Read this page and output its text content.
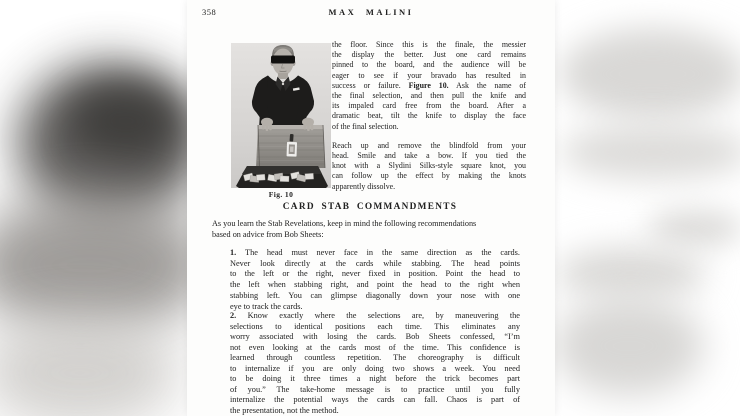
358	MAX MALINI
Fig. 10
the floor. Since this is the finale, the messier
the display the better. Just one card remains
pinned to the board, and the audience will be
eager to see if your bravado has resulted in
success or failure. Figure 10. Ask the name of
the final selection, and then pull the knife and
its impaled card free from the board. After a
dramatic beat, tilt the knife to display the face
of the final selection.
Reach up and remove the blindfold from your
head. Smile and take a bow. If you tied the
knot with a Slydini Silks-style square knot, you
can follow up the effect by making the knots
apparently dissolve.
CARD STAB COMMANDMENTS
As you learn the Stab Revelations, keep in mind the following recommendations
based on advice from Bob Sheets:
1. The head must never face in the same direction as the cards.
Never look directly at the cards while stabbing. The head points
to the left or the right, never fixed in position. Point the head to
the left when stabbing right, and point the head to the right when
stabbing left. You can glimpse diagonally down your nose with one
eye to track the cards.
2. Know exactly where the selections are, by maneuvering the
selections to identical positions each time. This eliminates any
worry associated with losing the cards. Bob Sheets confessed, “I’m
not even looking at the cards most of the time. This confidence is
learned through countless repetition. The choreography is difficult
to internalize if you are only doing two shows a week. You need
to be doing it three times a night before the trick becomes part
of you.” The take-home message is to practice until you fully
internalize the potential ways the cards can fall. Chaos is part of
the presentation, not the method.
